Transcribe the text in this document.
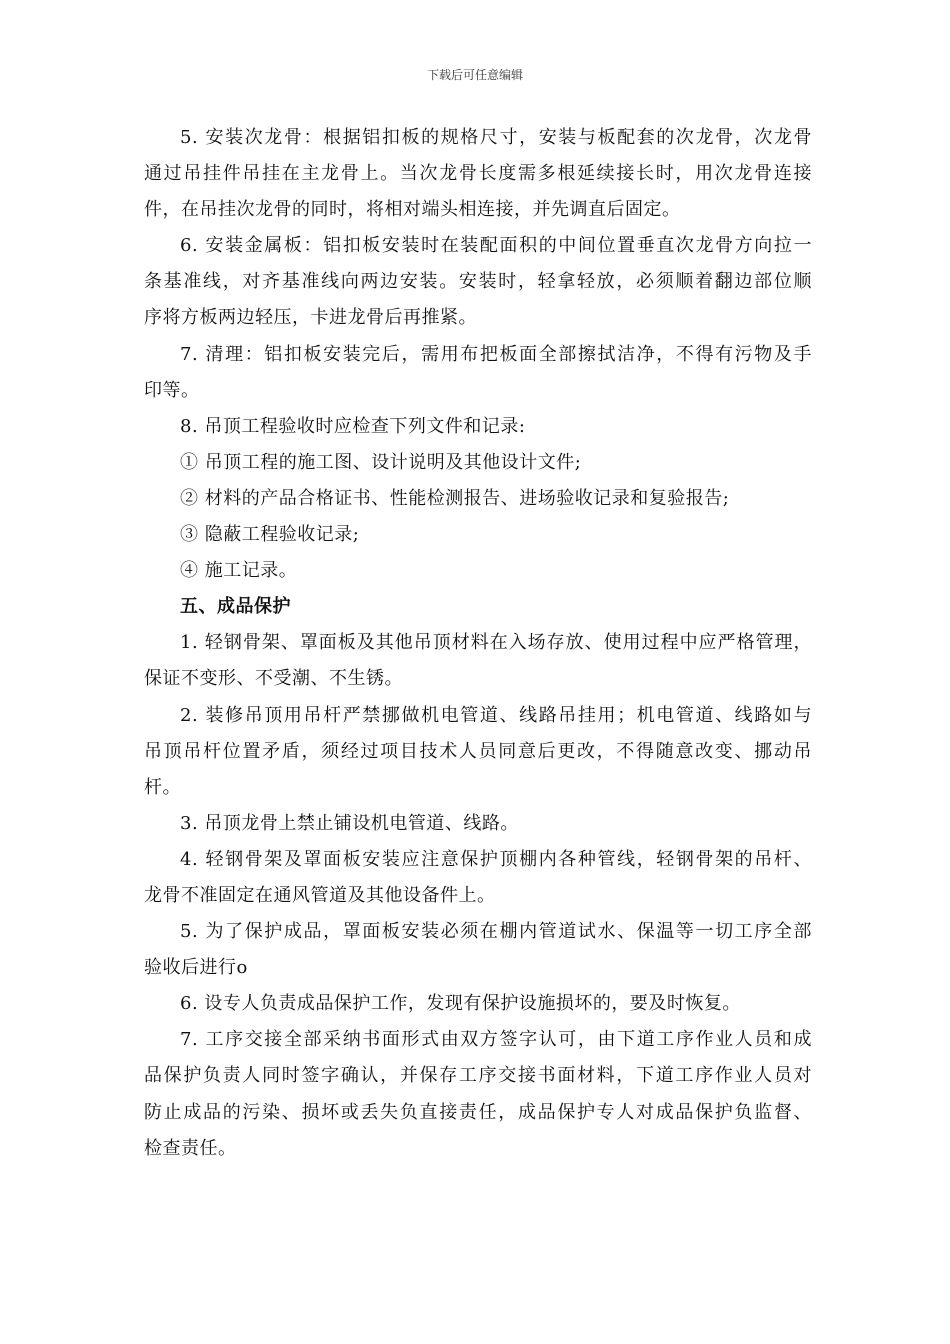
下载后可任意编辑
5. 安装次龙骨：根据铝扣板的规格尺寸，安装与板配套的次龙骨，次龙骨
通过吊挂件吊挂在主龙骨上。当次龙骨长度需多根延续接长时，用次龙骨连接
件，在吊挂次龙骨的同时，将相对端头相连接，并先调直后固定。
6. 安装金属板：铝扣板安装时在装配面积的中间位置垂直次龙骨方向拉一
条基准线，对齐基准线向两边安装。安装时，轻拿轻放，必须顺着翻边部位顺
序将方板两边轻压，卡进龙骨后再推紧。
7. 清理：铝扣板安装完后，需用布把板面全部擦拭洁净，不得有污物及手
印等。
8. 吊顶工程验收时应检查下列文件和记录:
① 吊顶工程的施工图、设计说明及其他设计文件;
② 材料的产品合格证书、性能检测报告、进场验收记录和复验报告;
③ 隐蔽工程验收记录;
④ 施工记录。
五、成品保护
1. 轻钢骨架、罩面板及其他吊顶材料在入场存放、使用过程中应严格管理，
保证不变形、不受潮、不生锈。
2. 装修吊顶用吊杆严禁挪做机电管道、线路吊挂用；机电管道、线路如与
吊顶吊杆位置矛盾，须经过项目技术人员同意后更改，不得随意改变、挪动吊
杆。
3. 吊顶龙骨上禁止铺设机电管道、线路。
4. 轻钢骨架及罩面板安装应注意保护顶棚内各种管线，轻钢骨架的吊杆、
龙骨不准固定在通风管道及其他设备件上。
5. 为了保护成品，罩面板安装必须在棚内管道试水、保温等一切工序全部
验收后进行o
6. 设专人负责成品保护工作，发现有保护设施损坏的，要及时恢复。
7. 工序交接全部采纳书面形式由双方签字认可，由下道工序作业人员和成
品保护负责人同时签字确认，并保存工序交接书面材料，下道工序作业人员对
防止成品的污染、损坏或丢失负直接责任，成品保护专人对成品保护负监督、
检查责任。
